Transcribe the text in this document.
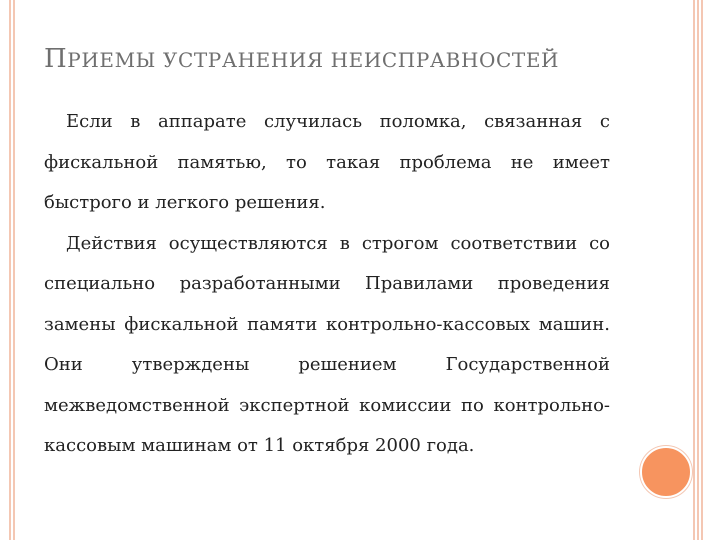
ПРИЕМЫ УСТРАНЕНИЯ НЕИСПРАВНОСТЕЙ

Если в аппарате случилась поломка, связанная с фискальной памятью, то такая проблема не имеет быстрого и легкого решения.

Действия осуществляются в строгом соответствии со специально разработанными Правилами проведения замены фискальной памяти контрольно-кассовых машин. Они утверждены решением Государственной межведомственной экспертной комиссии по контрольно-кассовым машинам от 11 октября 2000 года.
